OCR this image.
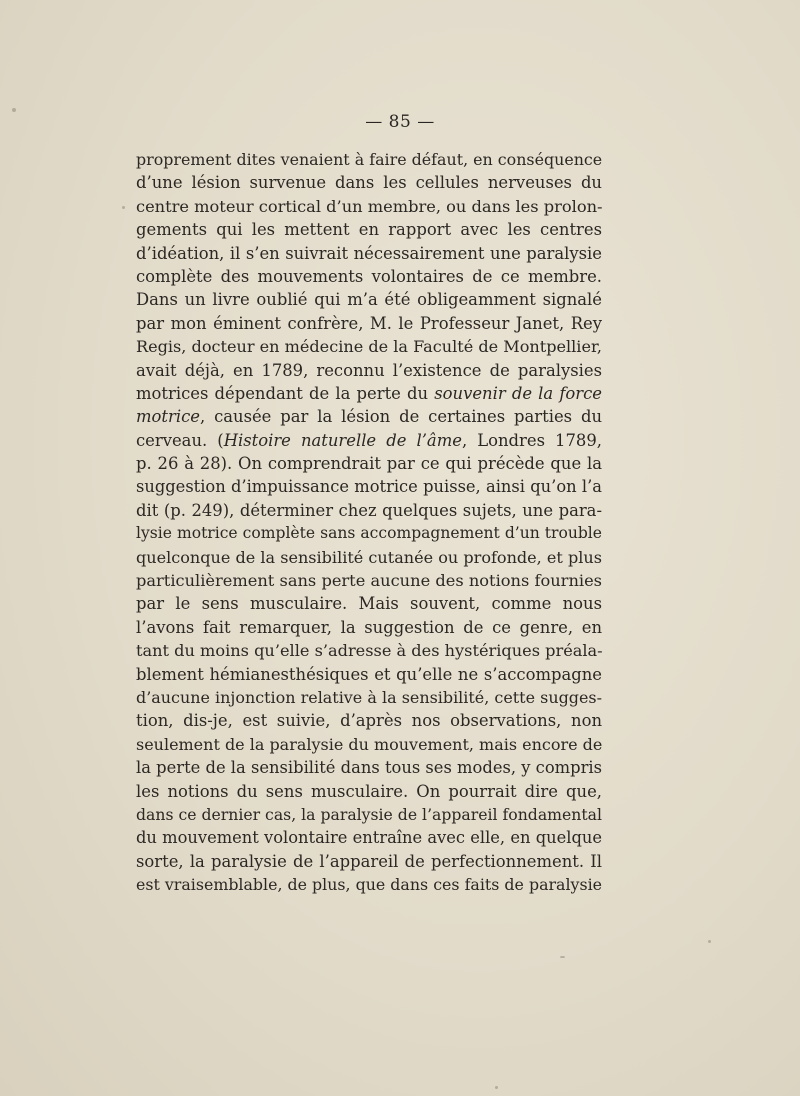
— 85 —
proprement dites venaient à faire défaut, en conséquence
d’une lésion survenue dans les cellules nerveuses du
centre moteur cortical d’un membre, ou dans les prolon-
gements qui les mettent en rapport avec les centres
d’idéation, il s’en suivrait nécessairement une paralysie
complète des mouvements volontaires de ce membre.
Dans un livre oublié qui m’a été obligeamment signalé
par mon éminent confrère, M. le Professeur Janet, Rey
Regis, docteur en médecine de la Faculté de Montpellier,
avait déjà, en 1789, reconnu l’existence de paralysies
motrices dépendant de la perte du souvenir de la force
motrice, causée par la lésion de certaines parties du
cerveau. (Histoire naturelle de l’âme, Londres 1789,
p. 26 à 28). On comprendrait par ce qui précède que la
suggestion d’impuissance motrice puisse, ainsi qu’on l’a
dit (p. 249), déterminer chez quelques sujets, une para-
lysie motrice complète sans accompagnement d’un trouble
quelconque de la sensibilité cutanée ou profonde, et plus
particulièrement sans perte aucune des notions fournies
par le sens musculaire. Mais souvent, comme nous
l’avons fait remarquer, la suggestion de ce genre, en
tant du moins qu’elle s’adresse à des hystériques préala-
blement hémianesthésiques et qu’elle ne s’accompagne
d’aucune injonction relative à la sensibilité, cette sugges-
tion, dis-je, est suivie, d’après nos observations, non
seulement de la paralysie du mouvement, mais encore de
la perte de la sensibilité dans tous ses modes, y compris
les notions du sens musculaire. On pourrait dire que,
dans ce dernier cas, la paralysie de l’appareil fondamental
du mouvement volontaire entraîne avec elle, en quelque
sorte, la paralysie de l’appareil de perfectionnement. Il
est vraisemblable, de plus, que dans ces faits de paralysie
